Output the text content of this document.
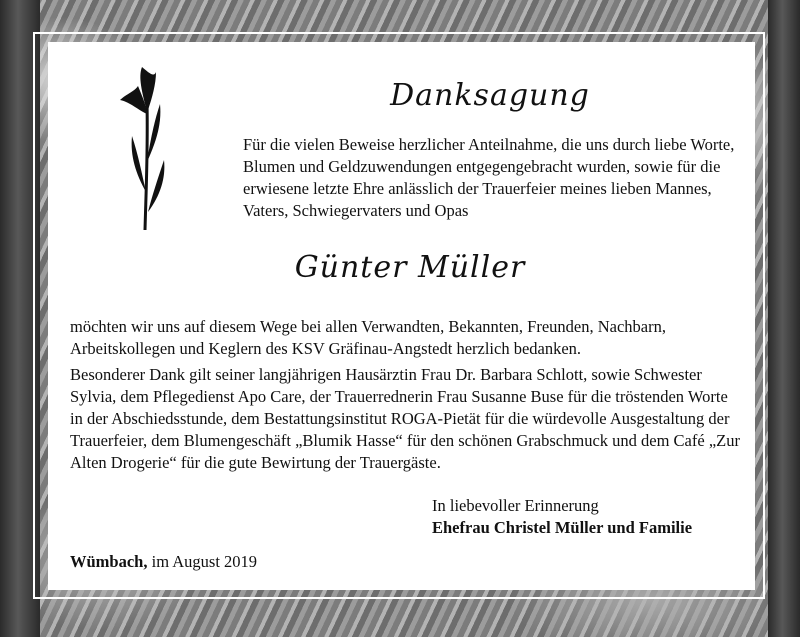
Danksagung
Für die vielen Beweise herzlicher Anteilnahme, die uns durch liebe Worte, Blumen und Geldzuwendungen entgegengebracht wurden, sowie für die erwiesene letzte Ehre anlässlich der Trauerfeier meines lieben Mannes, Vaters, Schwiegervaters und Opas
Günter Müller
möchten wir uns auf diesem Wege bei allen Verwandten, Bekannten, Freunden, Nachbarn, Arbeitskollegen und Keglern des KSV Gräfinau-Angstedt herzlich bedanken.
Besonderer Dank gilt seiner langjährigen Hausärztin Frau Dr. Barbara Schlott, sowie Schwester Sylvia, dem Pflegedienst Apo Care, der Trauerrednerin Frau Susanne Buse für die tröstenden Worte in der Abschiedsstunde, dem Bestattungsinstitut ROGA-Pietät für die würdevolle Ausgestaltung der Trauerfeier, dem Blumengeschäft „Blumik Hasse“ für den schönen Grabschmuck und dem Café „Zur Alten Drogerie“ für die gute Bewirtung der Trauergäste.
In liebevoller Erinnerung
Ehefrau Christel Müller und Familie
Wümbach, im August 2019
